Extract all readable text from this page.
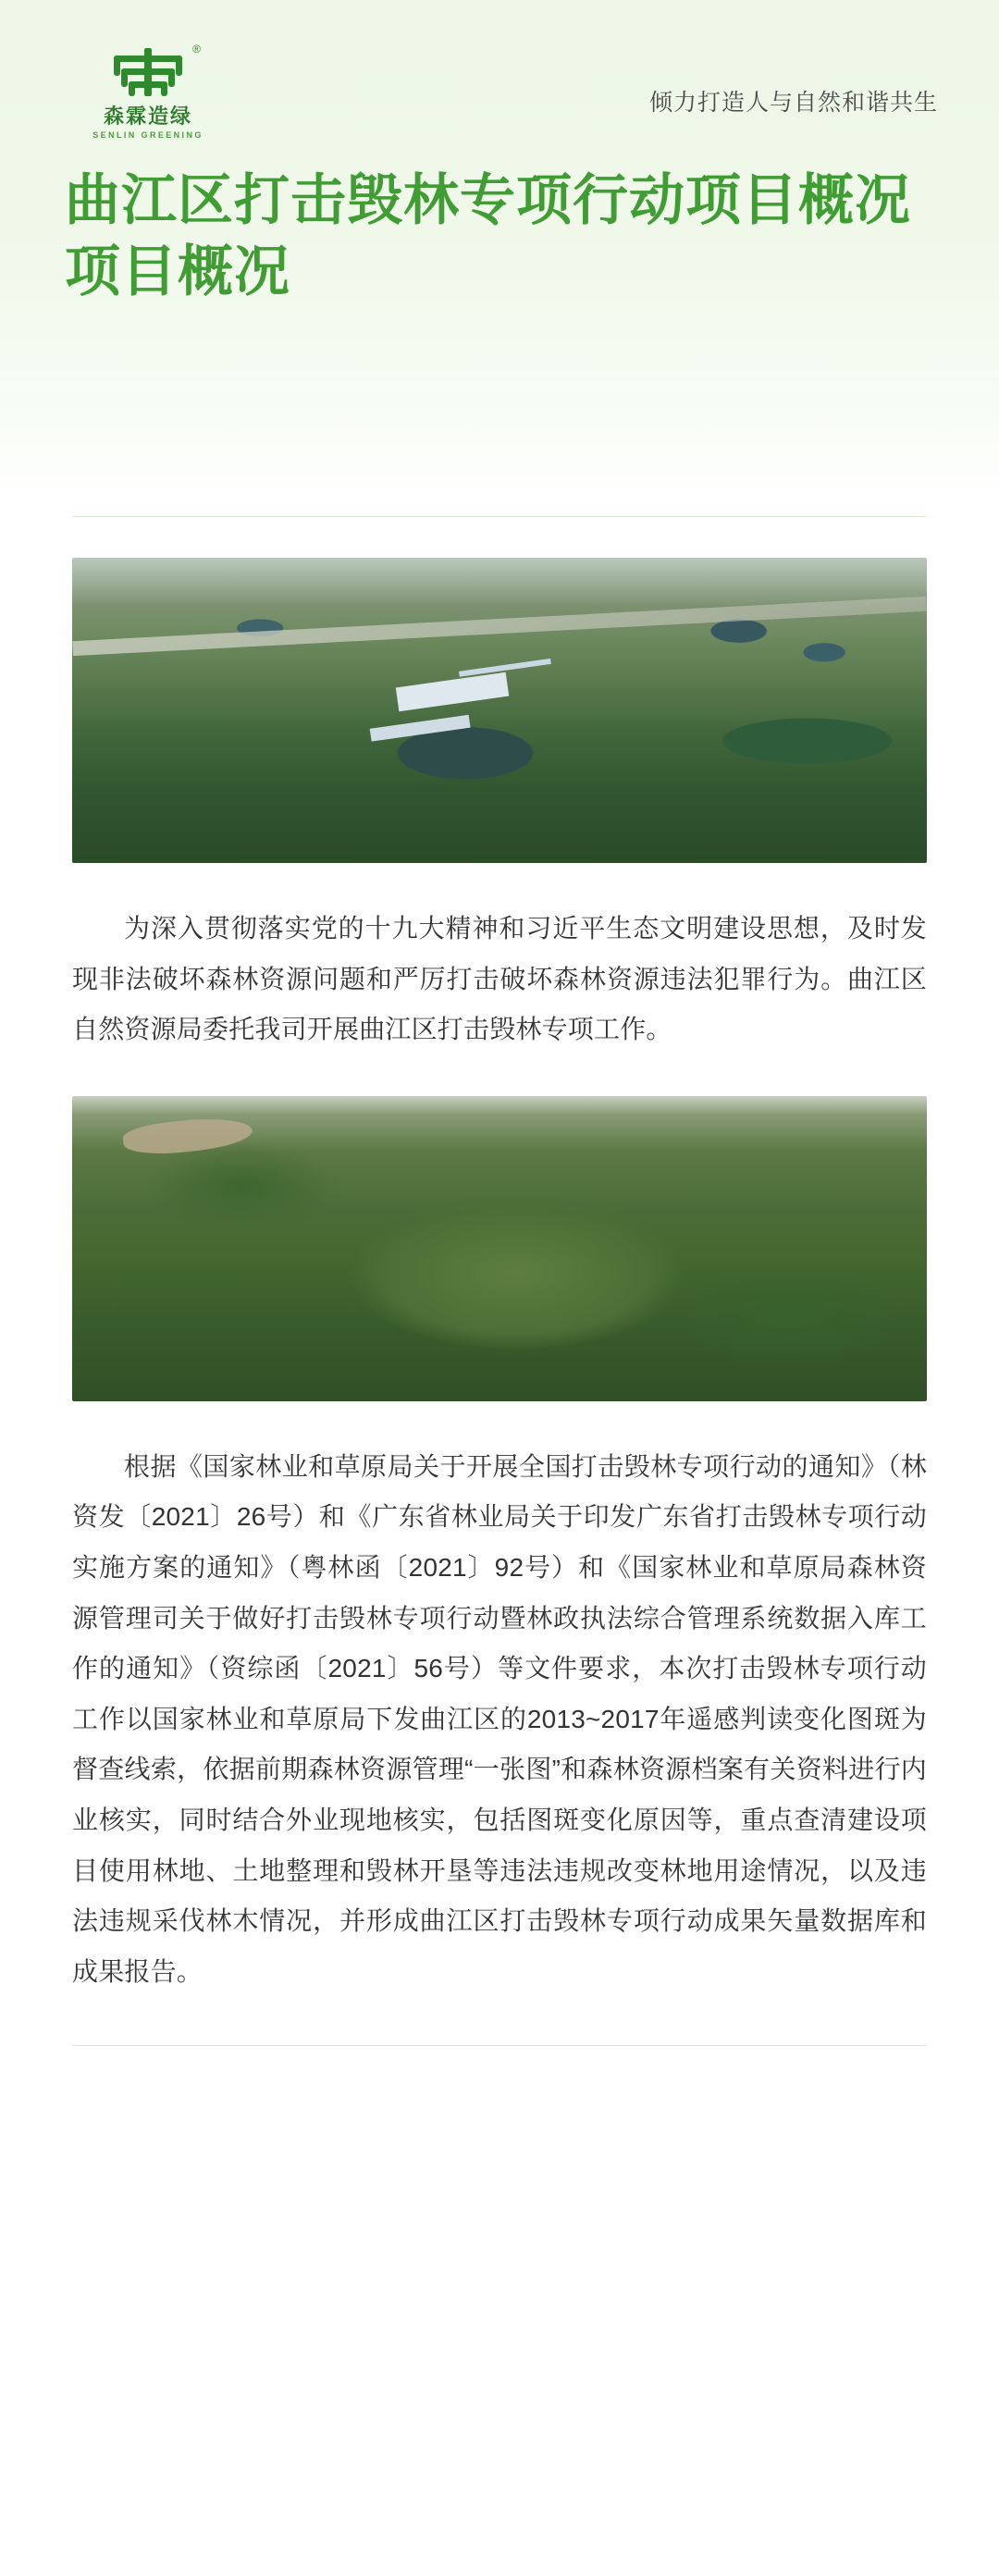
®
森霖造绿
SENLIN GREENING
倾力打造人与自然和谐共生
曲江区打击毁林专项行动项目概况项目概况

为深入贯彻落实党的十九大精神和习近平生态文明建设思想，及时发现非法破坏森林资源问题和严厉打击破坏森林资源违法犯罪行为。曲江区自然资源局委托我司开展曲江区打击毁林专项工作。

根据《国家林业和草原局关于开展全国打击毁林专项行动的通知》（林资发〔2021〕26号）和《广东省林业局关于印发广东省打击毁林专项行动实施方案的通知》（粤林函〔2021〕92号）和《国家林业和草原局森林资源管理司关于做好打击毁林专项行动暨林政执法综合管理系统数据入库工作的通知》（资综函〔2021〕56号）等文件要求，本次打击毁林专项行动工作以国家林业和草原局下发曲江区的2013~2017年遥感判读变化图斑为督查线索，依据前期森林资源管理“一张图”和森林资源档案有关资料进行内业核实，同时结合外业现地核实，包括图斑变化原因等，重点查清建设项目使用林地、土地整理和毁林开垦等违法违规改变林地用途情况，以及违法违规采伐林木情况，并形成曲江区打击毁林专项行动成果矢量数据库和成果报告。
